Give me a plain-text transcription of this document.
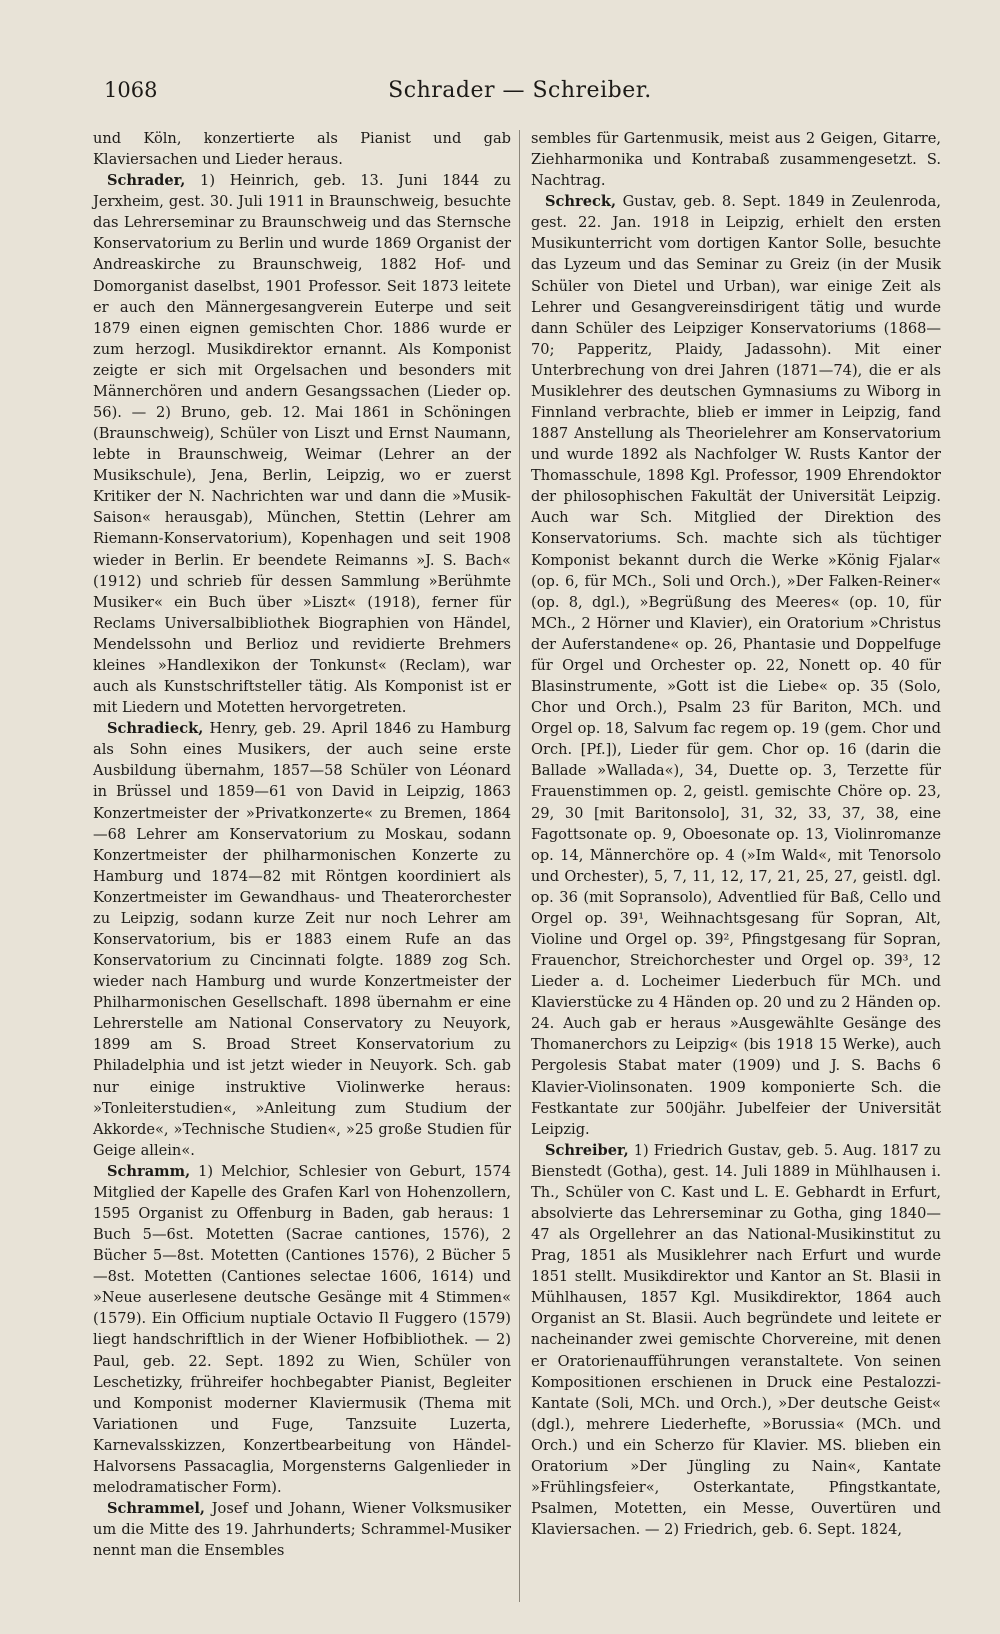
1068	Schrader — Schreiber.

und Köln, konzertierte als Pianist und gab Klaviersachen und Lieder heraus.

Schrader, 1) Heinrich, geb. 13. Juni 1844 zu Jerxheim, gest. 30. Juli 1911 in Braunschweig, besuchte das Lehrerseminar zu Braunschweig und das Sternsche Konservatorium zu Berlin und wurde 1869 Organist der Andreaskirche zu Braunschweig, 1882 Hof- und Domorganist daselbst, 1901 Professor. Seit 1873 leitete er auch den Männergesangverein Euterpe und seit 1879 einen eignen gemischten Chor. 1886 wurde er zum herzogl. Musikdirektor ernannt. Als Komponist zeigte er sich mit Orgelsachen und besonders mit Männerchören und andern Gesangssachen (Lieder op. 56). — 2) Bruno, geb. 12. Mai 1861 in Schöningen (Braunschweig), Schüler von Liszt und Ernst Naumann, lebte in Braunschweig, Weimar (Lehrer an der Musikschule), Jena, Berlin, Leipzig, wo er zuerst Kritiker der N. Nachrichten war und dann die »Musik-Saison« herausgab), München, Stettin (Lehrer am Riemann-Konservatorium), Kopenhagen und seit 1908 wieder in Berlin. Er beendete Reimanns »J. S. Bach« (1912) und schrieb für dessen Sammlung »Berühmte Musiker« ein Buch über »Liszt« (1918), ferner für Reclams Universalbibliothek Biographien von Händel, Mendelssohn und Berlioz und revidierte Brehmers kleines »Handlexikon der Tonkunst« (Reclam), war auch als Kunstschriftsteller tätig. Als Komponist ist er mit Liedern und Motetten hervorgetreten.

Schradieck, Henry, geb. 29. April 1846 zu Hamburg als Sohn eines Musikers, der auch seine erste Ausbildung übernahm, 1857—58 Schüler von Léonard in Brüssel und 1859—61 von David in Leipzig, 1863 Konzertmeister der »Privatkonzerte« zu Bremen, 1864—68 Lehrer am Konservatorium zu Moskau, sodann Konzertmeister der philharmonischen Konzerte zu Hamburg und 1874—82 mit Röntgen koordiniert als Konzertmeister im Gewandhaus- und Theaterorchester zu Leipzig, sodann kurze Zeit nur noch Lehrer am Konservatorium, bis er 1883 einem Rufe an das Konservatorium zu Cincinnati folgte. 1889 zog Sch. wieder nach Hamburg und wurde Konzertmeister der Philharmonischen Gesellschaft. 1898 übernahm er eine Lehrerstelle am National Conservatory zu Neuyork, 1899 am S. Broad Street Konservatorium zu Philadelphia und ist jetzt wieder in Neuyork. Sch. gab nur einige instruktive Violinwerke heraus: »Tonleiterstudien«, »Anleitung zum Studium der Akkorde«, »Technische Studien«, »25 große Studien für Geige allein«.

Schramm, 1) Melchior, Schlesier von Geburt, 1574 Mitglied der Kapelle des Grafen Karl von Hohenzollern, 1595 Organist zu Offenburg in Baden, gab heraus: 1 Buch 5—6st. Motetten (Sacrae cantiones, 1576), 2 Bücher 5—8st. Motetten (Cantiones 1576), 2 Bücher 5—8st. Motetten (Cantiones selectae 1606, 1614) und »Neue auserlesene deutsche Gesänge mit 4 Stimmen« (1579). Ein Officium nuptiale Octavio Il Fuggero (1579) liegt handschriftlich in der Wiener Hofbibliothek. — 2) Paul, geb. 22. Sept. 1892 zu Wien, Schüler von Leschetizky, frühreifer hochbegabter Pianist, Begleiter und Komponist moderner Klaviermusik (Thema mit Variationen und Fuge, Tanzsuite Luzerta, Karnevalsskizzen, Konzertbearbeitung von Händel-Halvorsens Passacaglia, Morgensterns Galgenlieder in melodramatischer Form).

Schrammel, Josef und Johann, Wiener Volksmusiker um die Mitte des 19. Jahrhunderts; Schrammel-Musiker nennt man die Ensembles

sembles für Gartenmusik, meist aus 2 Geigen, Gitarre, Ziehharmonika und Kontrabaß zusammengesetzt. S. Nachtrag.

Schreck, Gustav, geb. 8. Sept. 1849 in Zeulenroda, gest. 22. Jan. 1918 in Leipzig, erhielt den ersten Musikunterricht vom dortigen Kantor Solle, besuchte das Lyzeum und das Seminar zu Greiz (in der Musik Schüler von Dietel und Urban), war einige Zeit als Lehrer und Gesangvereinsdirigent tätig und wurde dann Schüler des Leipziger Konservatoriums (1868—70; Papperitz, Plaidy, Jadassohn). Mit einer Unterbrechung von drei Jahren (1871—74), die er als Musiklehrer des deutschen Gymnasiums zu Wiborg in Finnland verbrachte, blieb er immer in Leipzig, fand 1887 Anstellung als Theorielehrer am Konservatorium und wurde 1892 als Nachfolger W. Rusts Kantor der Thomasschule, 1898 Kgl. Professor, 1909 Ehrendoktor der philosophischen Fakultät der Universität Leipzig. Auch war Sch. Mitglied der Direktion des Konservatoriums. Sch. machte sich als tüchtiger Komponist bekannt durch die Werke »König Fjalar« (op. 6, für MCh., Soli und Orch.), »Der Falken-Reiner« (op. 8, dgl.), »Begrüßung des Meeres« (op. 10, für MCh., 2 Hörner und Klavier), ein Oratorium »Christus der Auferstandene« op. 26, Phantasie und Doppelfuge für Orgel und Orchester op. 22, Nonett op. 40 für Blasinstrumente, »Gott ist die Liebe« op. 35 (Solo, Chor und Orch.), Psalm 23 für Bariton, MCh. und Orgel op. 18, Salvum fac regem op. 19 (gem. Chor und Orch. [Pf.]), Lieder für gem. Chor op. 16 (darin die Ballade »Wallada«), 34, Duette op. 3, Terzette für Frauenstimmen op. 2, geistl. gemischte Chöre op. 23, 29, 30 [mit Baritonsolo], 31, 32, 33, 37, 38, eine Fagottsonate op. 9, Oboesonate op. 13, Violinromanze op. 14, Männerchöre op. 4 (»Im Wald«, mit Tenorsolo und Orchester), 5, 7, 11, 12, 17, 21, 25, 27, geistl. dgl. op. 36 (mit Sopransolo), Adventlied für Baß, Cello und Orgel op. 39¹, Weihnachtsgesang für Sopran, Alt, Violine und Orgel op. 39², Pfingstgesang für Sopran, Frauenchor, Streichorchester und Orgel op. 39³, 12 Lieder a. d. Locheimer Liederbuch für MCh. und Klavierstücke zu 4 Händen op. 20 und zu 2 Händen op. 24. Auch gab er heraus »Ausgewählte Gesänge des Thomanerchors zu Leipzig« (bis 1918 15 Werke), auch Pergolesis Stabat mater (1909) und J. S. Bachs 6 Klavier-Violinsonaten. 1909 komponierte Sch. die Festkantate zur 500jähr. Jubelfeier der Universität Leipzig.

Schreiber, 1) Friedrich Gustav, geb. 5. Aug. 1817 zu Bienstedt (Gotha), gest. 14. Juli 1889 in Mühlhausen i. Th., Schüler von C. Kast und L. E. Gebhardt in Erfurt, absolvierte das Lehrerseminar zu Gotha, ging 1840—47 als Orgellehrer an das National-Musikinstitut zu Prag, 1851 als Musiklehrer nach Erfurt und wurde 1851 stellt. Musikdirektor und Kantor an St. Blasii in Mühlhausen, 1857 Kgl. Musikdirektor, 1864 auch Organist an St. Blasii. Auch begründete und leitete er nacheinander zwei gemischte Chorvereine, mit denen er Oratorienaufführungen veranstaltete. Von seinen Kompositionen erschienen in Druck eine Pestalozzi-Kantate (Soli, MCh. und Orch.), »Der deutsche Geist« (dgl.), mehrere Liederhefte, »Borussia« (MCh. und Orch.) und ein Scherzo für Klavier. MS. blieben ein Oratorium »Der Jüngling zu Nain«, Kantate »Frühlingsfeier«, Osterkantate, Pfingstkantate, Psalmen, Motetten, ein Messe, Ouvertüren und Klaviersachen. — 2) Friedrich, geb. 6. Sept. 1824,
